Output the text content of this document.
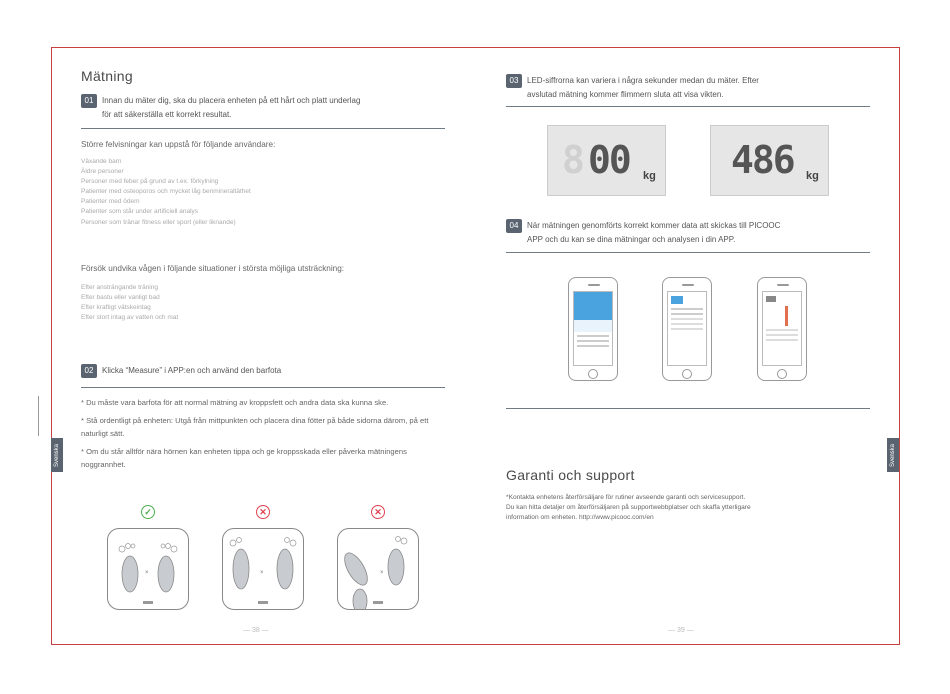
Mätning
01 Innan du mäter dig, ska du placera enheten på ett hårt och platt underlag
för att säkerställa ett korrekt resultat.
Större felvisningar kan uppstå för följande användare:
Växande barn
Äldre personer
Personer med feber på grund av t.ex. förkylning
Patienter med osteoporos och mycket låg benmineraltäthet
Patienter med ödem
Patienter som står under artificiell analys
Personer som tränar fitness eller sport (eller liknande)
Försök undvika vågen i följande situationer i största möjliga utsträckning:
Efter ansträngande träning
Efter bastu eller vanligt bad
Efter kraftigt vätskeintag
Efter stort intag av vatten och mat
02 Klicka “Measure” i APP:en och använd den barfota
* Du måste vara barfota för att normal mätning av kroppsfett och andra data ska kunna ske.
* Stå ordentligt på enheten: Utgå från mittpunkten och placera dina fötter på både sidorna därom, på ett naturligt sätt.
* Om du står alltför nära hörnen kan enheten tippa och ge kroppsskada eller påverka mätningens noggrannhet.
✓	✕	✕
×	×	×
— 38 —
Svenska
03 LED-siffrorna kan variera i några sekunder medan du mäter. Efter
avslutad mätning kommer flimmern sluta att visa vikten.
8 00 kg 486 kg
04 När mätningen genomförts korrekt kommer data att skickas till PICOOC
APP och du kan se dina mätningar och analysen i din APP.
Garanti och support
*Kontakta enhetens återförsäljare för rutiner avseende garanti och servicesupport.
Du kan hitta detaljer om återförsäljaren på supportwebbplatser och skaffa ytterligare
information om enheten. http://www.picooc.com/en
— 39 —
Svenska
